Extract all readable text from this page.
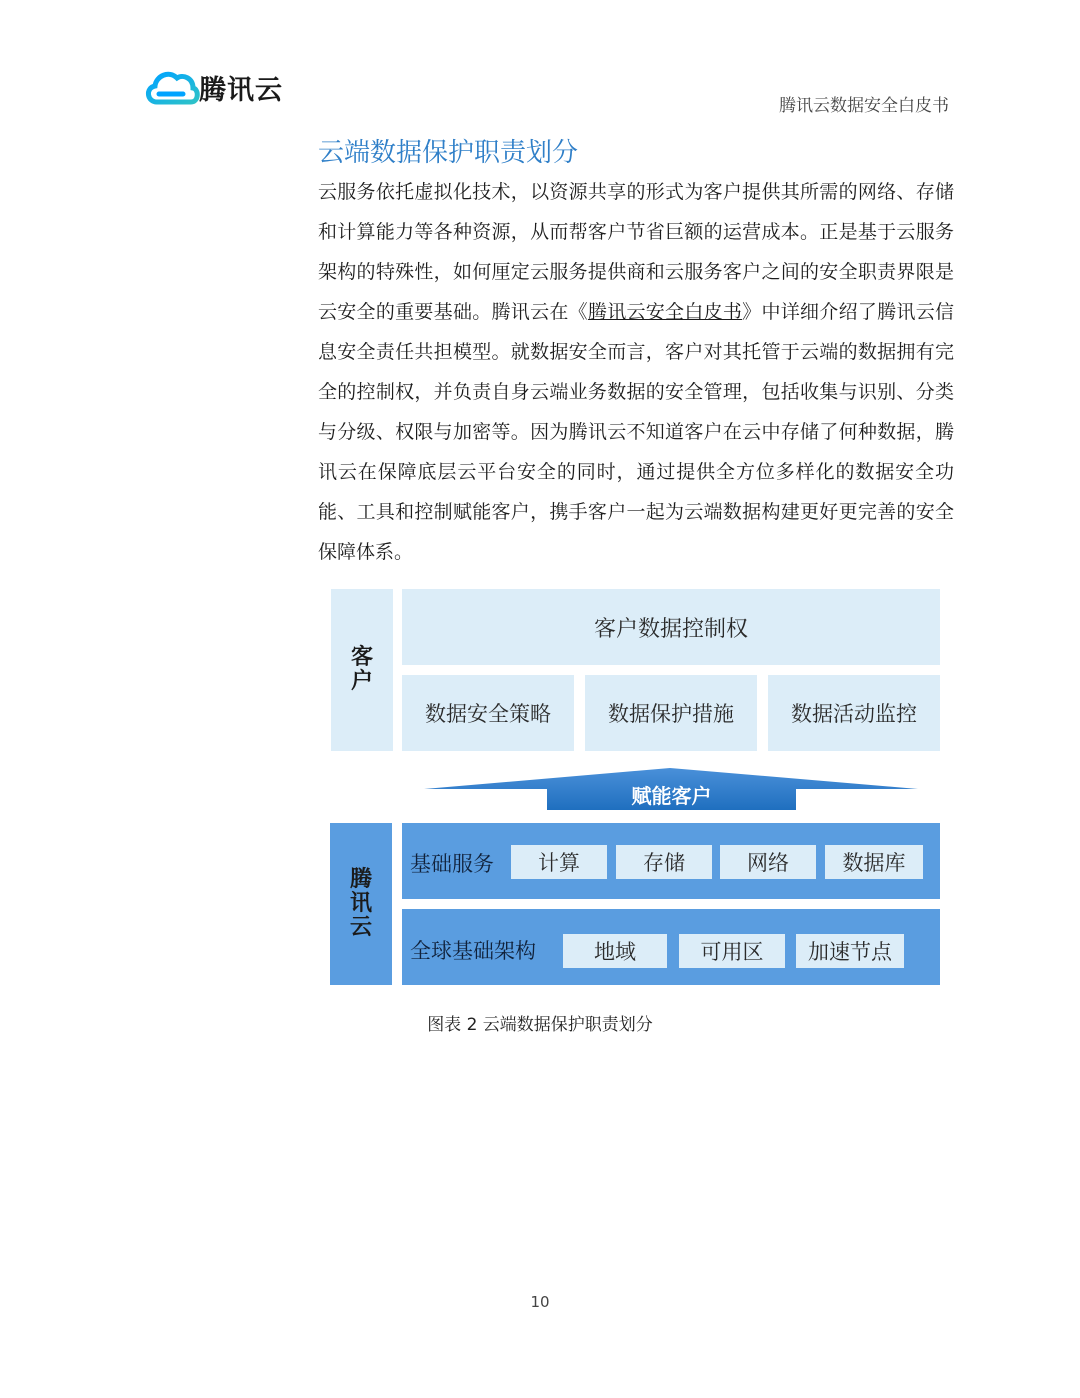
腾讯云	腾讯云数据安全白皮书
云端数据保护职责划分
云服务依托虚拟化技术，以资源共享的形式为客户提供其所需的网络、存储和计算能力等各种资源，从而帮客户节省巨额的运营成本。正是基于云服务架构的特殊性，如何厘定云服务提供商和云服务客户之间的安全职责界限是云安全的重要基础。腾讯云在《腾讯云安全白皮书》中详细介绍了腾讯云信息安全责任共担模型。就数据安全而言，客户对其托管于云端的数据拥有完全的控制权，并负责自身云端业务数据的安全管理，包括收集与识别、分类与分级、权限与加密等。因为腾讯云不知道客户在云中存储了何种数据，腾讯云在保障底层云平台安全的同时，通过提供全方位多样化的数据安全功能、工具和控制赋能客户，携手客户一起为云端数据构建更好更完善的安全保障体系。
客户
客户数据控制权
数据安全策略	数据保护措施	数据活动监控
赋能客户
腾讯云
基础服务	计算	存储	网络	数据库
全球基础架构	地域	可用区	加速节点
图表 2 云端数据保护职责划分
10
